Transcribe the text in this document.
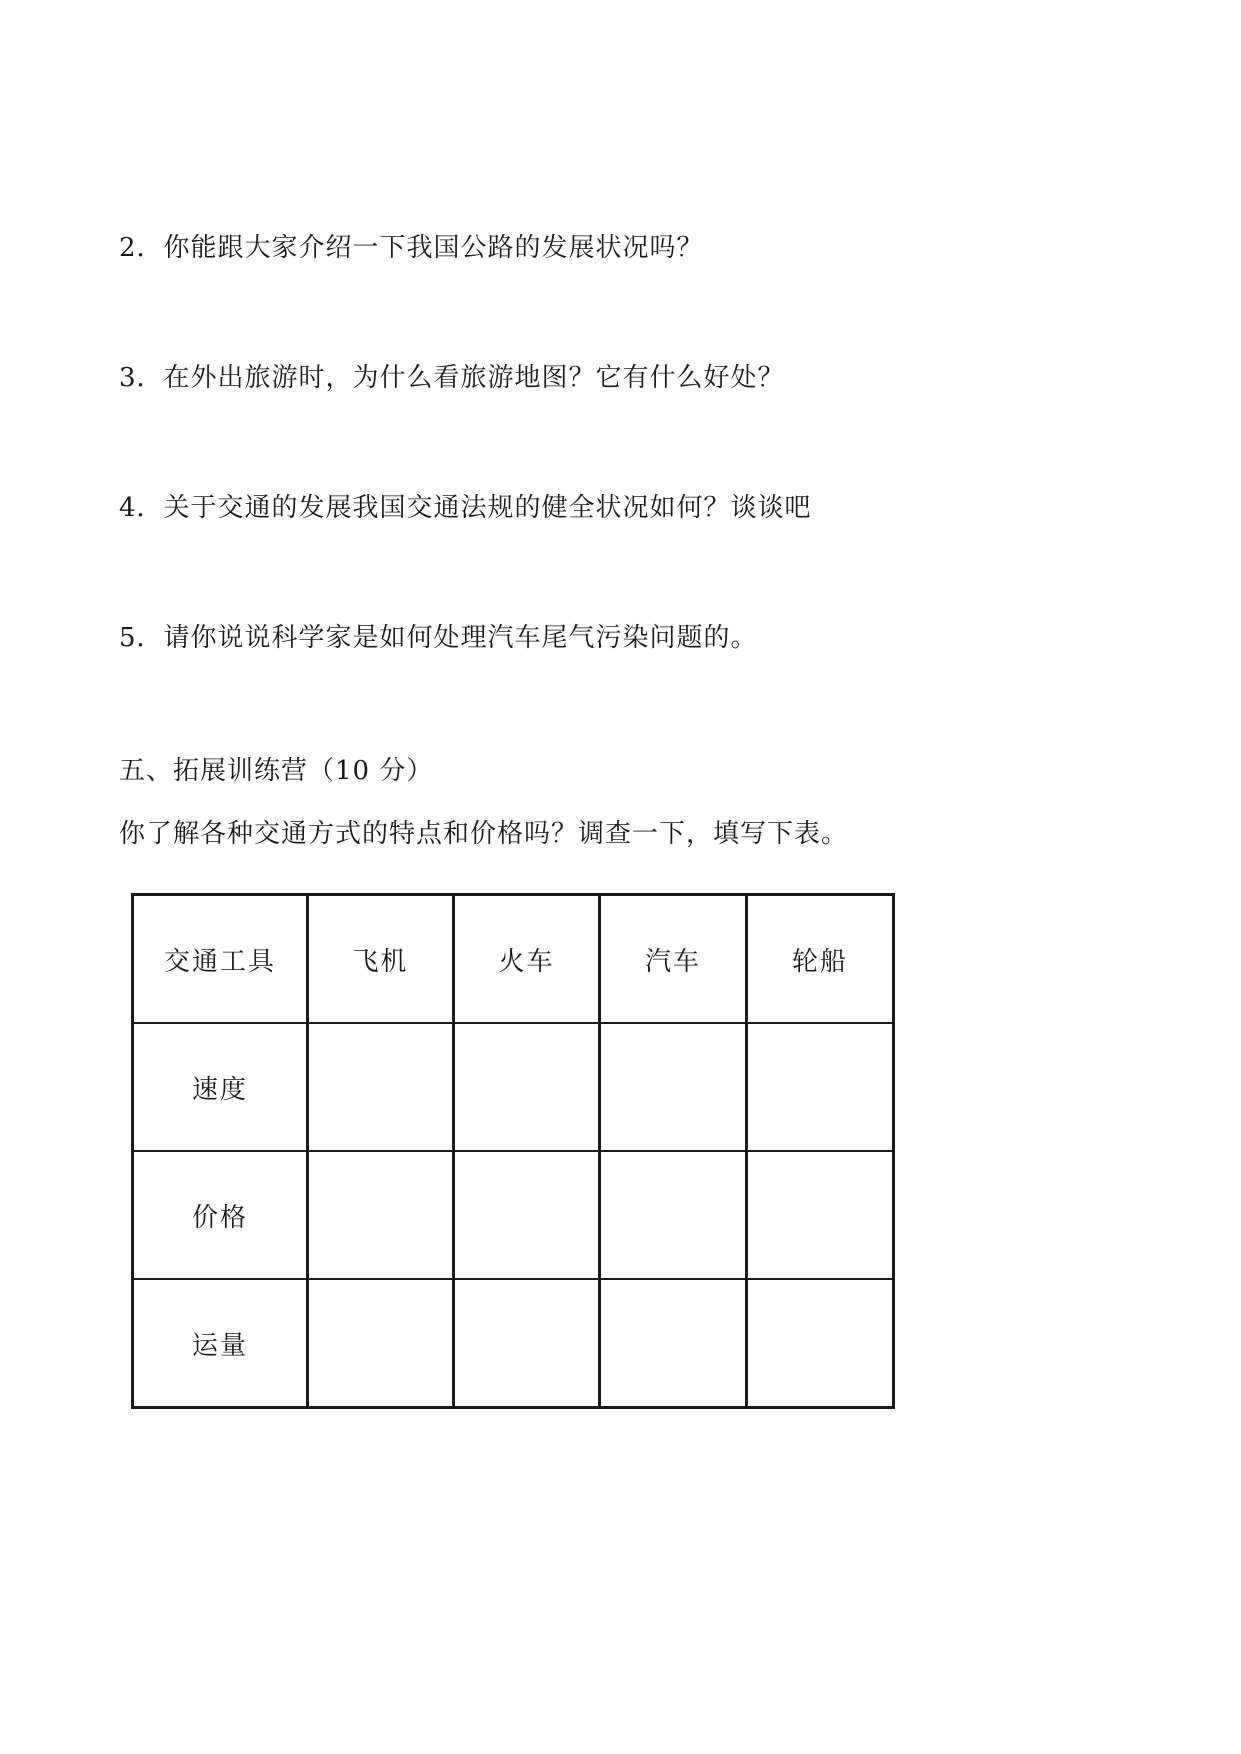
2．你能跟大家介绍一下我国公路的发展状况吗？
3．在外出旅游时，为什么看旅游地图？它有什么好处？
4．关于交通的发展我国交通法规的健全状况如何？谈谈吧
5．请你说说科学家是如何处理汽车尾气污染问题的。
五、拓展训练营（10 分）
你了解各种交通方式的特点和价格吗？调查一下，填写下表。
交通工具	飞机	火车	汽车	轮船
速度				
价格				
运量				
